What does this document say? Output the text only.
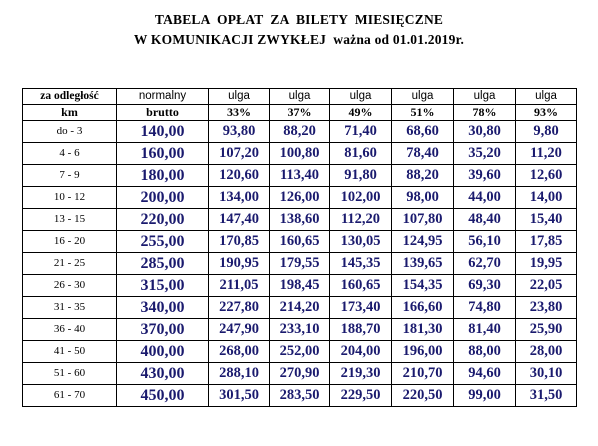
TABELA  OPŁAT  ZA  BILETY  MIESIĘCZNE
W KOMUNIKACJI ZWYKŁEJ  ważna od 01.01.2019r.
za odległość	normalny	ulga	ulga	ulga	ulga	ulga	ulga
km	brutto	33%	37%	49%	51%	78%	93%
do - 3	140,00	93,80	88,20	71,40	68,60	30,80	9,80
4 - 6	160,00	107,20	100,80	81,60	78,40	35,20	11,20
7 - 9	180,00	120,60	113,40	91,80	88,20	39,60	12,60
10 - 12	200,00	134,00	126,00	102,00	98,00	44,00	14,00
13 - 15	220,00	147,40	138,60	112,20	107,80	48,40	15,40
16 - 20	255,00	170,85	160,65	130,05	124,95	56,10	17,85
21 - 25	285,00	190,95	179,55	145,35	139,65	62,70	19,95
26 - 30	315,00	211,05	198,45	160,65	154,35	69,30	22,05
31 - 35	340,00	227,80	214,20	173,40	166,60	74,80	23,80
36 - 40	370,00	247,90	233,10	188,70	181,30	81,40	25,90
41 - 50	400,00	268,00	252,00	204,00	196,00	88,00	28,00
51 - 60	430,00	288,10	270,90	219,30	210,70	94,60	30,10
61 - 70	450,00	301,50	283,50	229,50	220,50	99,00	31,50
